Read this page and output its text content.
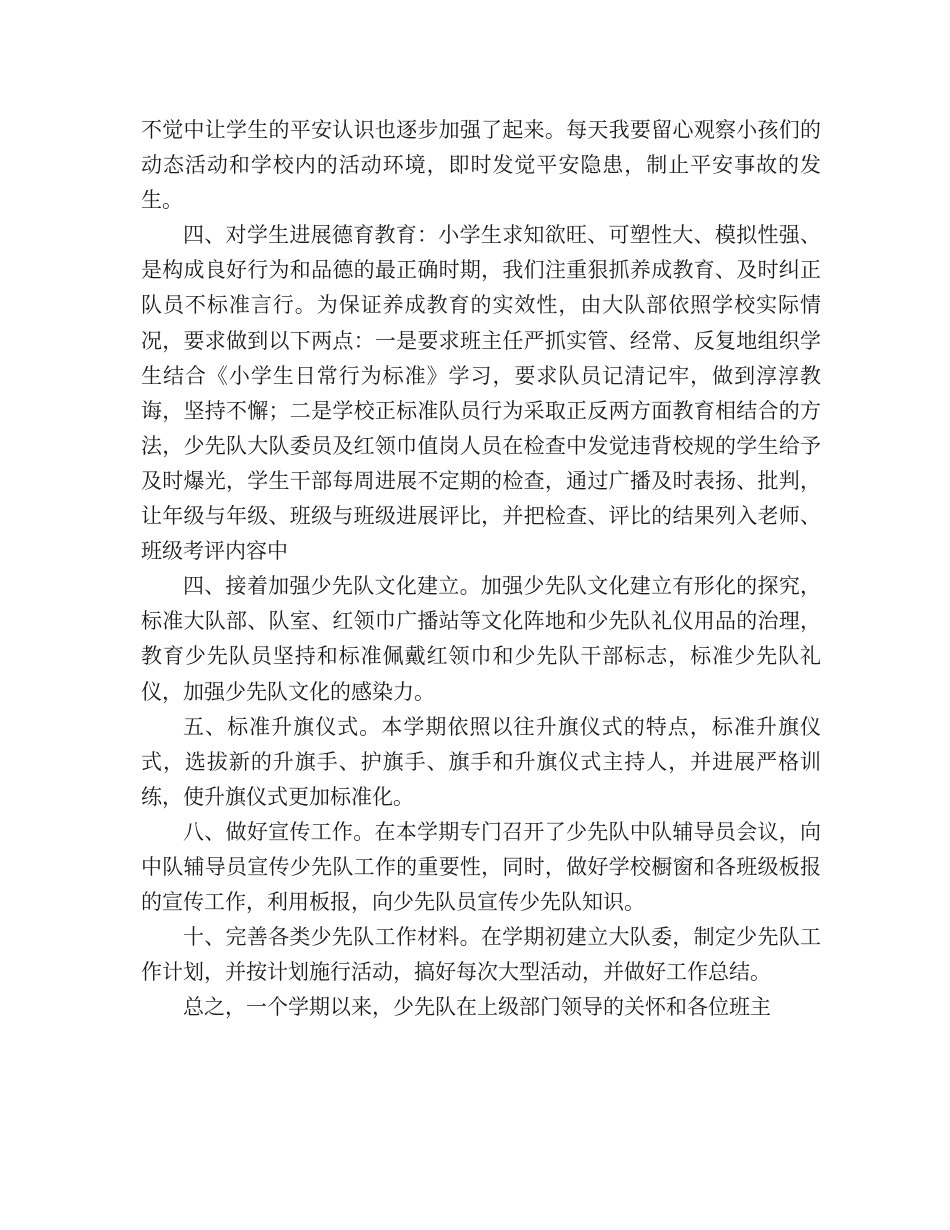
不觉中让学生的平安认识也逐步加强了起来。每天我要留心观察小孩们的动态活动和学校内的活动环境，即时发觉平安隐患，制止平安事故的发生。

四、对学生进展德育教育：小学生求知欲旺、可塑性大、模拟性强、是构成良好行为和品德的最正确时期，我们注重狠抓养成教育、及时纠正队员不标准言行。为保证养成教育的实效性，由大队部依照学校实际情况，要求做到以下两点：一是要求班主任严抓实管、经常、反复地组织学生结合《小学生日常行为标准》学习，要求队员记清记牢，做到淳淳教诲，坚持不懈；二是学校正标准队员行为采取正反两方面教育相结合的方法，少先队大队委员及红领巾值岗人员在检查中发觉违背校规的学生给予及时爆光，学生干部每周进展不定期的检查，通过广播及时表扬、批判，让年级与年级、班级与班级进展评比，并把检查、评比的结果列入老师、班级考评内容中

四、接着加强少先队文化建立。加强少先队文化建立有形化的探究，标准大队部、队室、红领巾广播站等文化阵地和少先队礼仪用品的治理，教育少先队员坚持和标准佩戴红领巾和少先队干部标志，标准少先队礼仪，加强少先队文化的感染力。

五、标准升旗仪式。本学期依照以往升旗仪式的特点，标准升旗仪式，选拔新的升旗手、护旗手、旗手和升旗仪式主持人，并进展严格训练，使升旗仪式更加标准化。

八、做好宣传工作。在本学期专门召开了少先队中队辅导员会议，向中队辅导员宣传少先队工作的重要性，同时，做好学校橱窗和各班级板报的宣传工作，利用板报，向少先队员宣传少先队知识。

十、完善各类少先队工作材料。在学期初建立大队委，制定少先队工作计划，并按计划施行活动，搞好每次大型活动，并做好工作总结。

总之，一个学期以来，少先队在上级部门领导的关怀和各位班主
